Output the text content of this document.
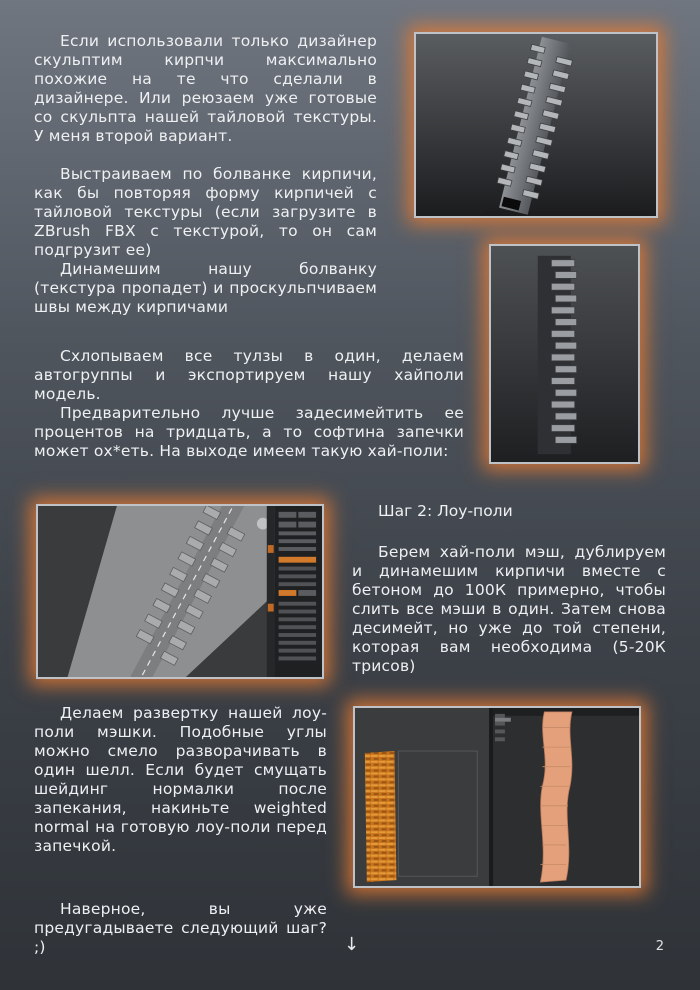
Если использовали только дизайнер скульптим кирпчи максимально похожие на те что сделали в дизайнере. Или реюзаем уже готовые со скульпта нашей тайловой текстуры. У меня второй вариант.

Выстраиваем по болванке кирпичи, как бы повторяя форму кирпичей с тайловой текстуры (если загрузите в ZBrush FBX с текстурой, то он сам подгрузит ее)

Динамешим нашу болванку (текстура пропадет) и проскульпчиваем швы между кирпичами

Схлопываем все тулзы в один, делаем автогруппы и экспортируем нашу хайполи модель.

Предварительно лучше задесимейтить ее процентов на тридцать, а то софтина запечки может ох*еть. На выходе имеем такую хай-поли:

Шаг 2: Лоу-поли

Берем хай-поли мэш, дублируем и динамешим кирпичи вместе с бетоном до 100К примерно, чтобы слить все мэши в один. Затем снова десимейт, но уже до той степени, которая вам необходима (5-20К трисов)

Делаем развертку нашей лоу-поли мэшки. Подобные углы можно смело разворачивать в один шелл. Если будет смущать шейдинг нормалки после запекания, накиньте weighted normal на готовую лоу-поли перед запечкой.

Наверное, вы уже предугадываете следующий шаг? ;)	↓	2
